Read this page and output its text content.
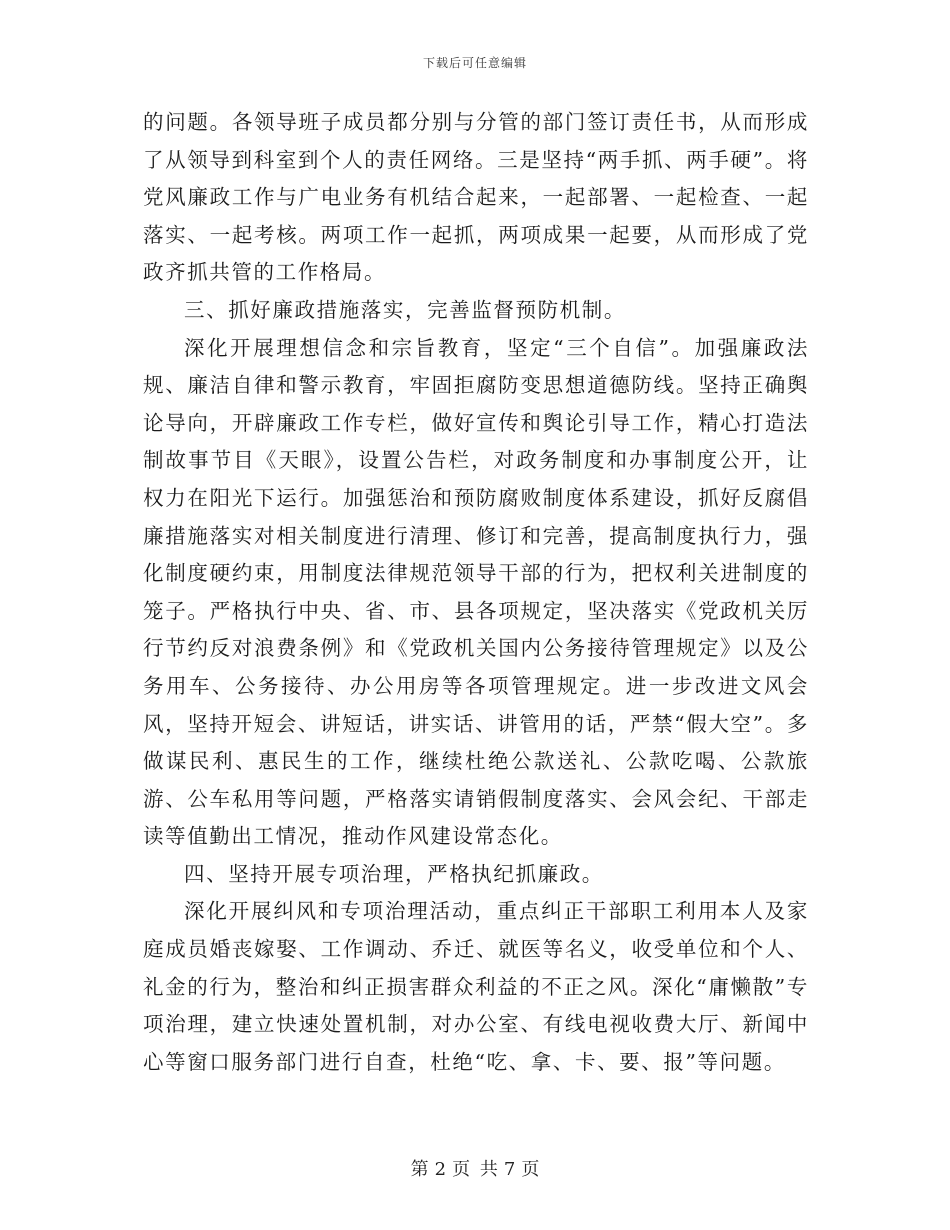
下载后可任意编辑

的问题。各领导班子成员都分别与分管的部门签订责任书，从而形成了从领导到科室到个人的责任网络。三是坚持“两手抓、两手硬”。将党风廉政工作与广电业务有机结合起来，一起部署、一起检查、一起落实、一起考核。两项工作一起抓，两项成果一起要，从而形成了党政齐抓共管的工作格局。

三、抓好廉政措施落实，完善监督预防机制。

深化开展理想信念和宗旨教育，坚定“三个自信”。加强廉政法规、廉洁自律和警示教育，牢固拒腐防变思想道德防线。坚持正确舆论导向，开辟廉政工作专栏，做好宣传和舆论引导工作，精心打造法制故事节目《天眼》，设置公告栏，对政务制度和办事制度公开，让权力在阳光下运行。加强惩治和预防腐败制度体系建设，抓好反腐倡廉措施落实对相关制度进行清理、修订和完善，提高制度执行力，强化制度硬约束，用制度法律规范领导干部的行为，把权利关进制度的笼子。严格执行中央、省、市、县各项规定，坚决落实《党政机关厉行节约反对浪费条例》和《党政机关国内公务接待管理规定》以及公务用车、公务接待、办公用房等各项管理规定。进一步改进文风会风，坚持开短会、讲短话，讲实话、讲管用的话，严禁“假大空”。多做谋民利、惠民生的工作，继续杜绝公款送礼、公款吃喝、公款旅游、公车私用等问题，严格落实请销假制度落实、会风会纪、干部走读等值勤出工情况，推动作风建设常态化。

四、坚持开展专项治理，严格执纪抓廉政。

深化开展纠风和专项治理活动，重点纠正干部职工利用本人及家庭成员婚丧嫁娶、工作调动、乔迁、就医等名义，收受单位和个人、礼金的行为，整治和纠正损害群众利益的不正之风。深化“庸懒散”专项治理，建立快速处置机制，对办公室、有线电视收费大厅、新闻中心等窗口服务部门进行自查，杜绝“吃、拿、卡、要、报”等问题。

第 2 页 共 7 页
